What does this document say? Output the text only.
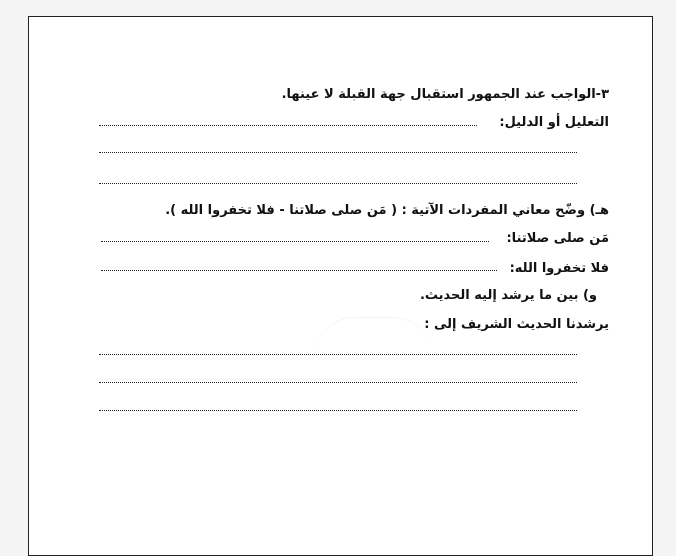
٣-الواجب عند الجمهور استقبال جهة القبلة لا عينها.
التعليل أو الدليل:
هـ) وضّح معاني المفردات الآتية : ( مَن صلى صلاتنا - فلا تخفروا الله ).
مَن صلى صلاتنا:
فلا تخفروا الله:
و) بين ما يرشد إليه الحديث.
يرشدنا الحديث الشريف إلى :
